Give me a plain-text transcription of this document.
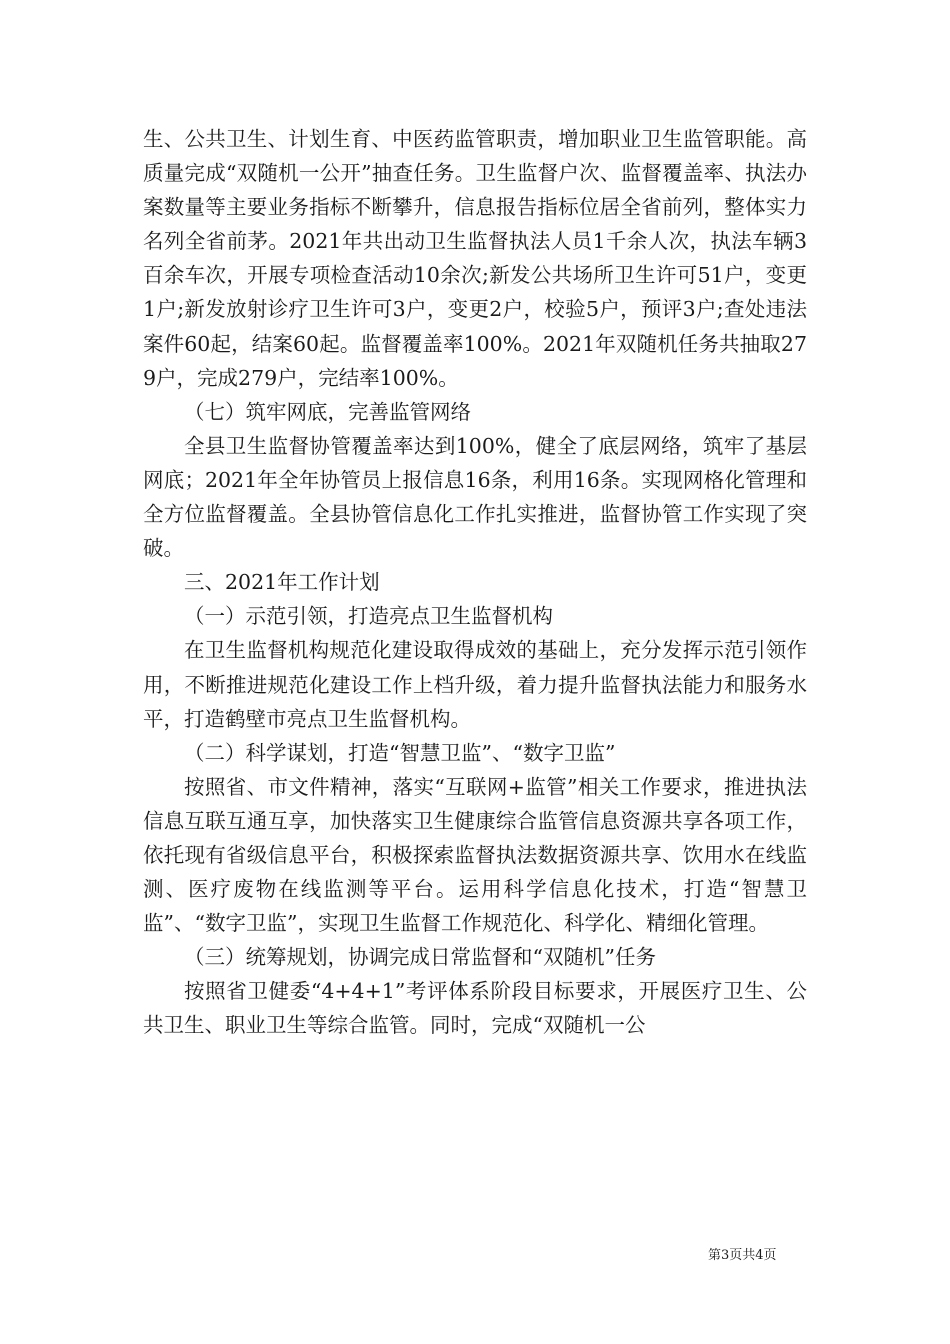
生、公共卫生、计划生育、中医药监管职责，增加职业卫生监管职能。高质量完成“双随机一公开”抽查任务。卫生监督户次、监督覆盖率、执法办案数量等主要业务指标不断攀升，信息报告指标位居全省前列，整体实力名列全省前茅。2021年共出动卫生监督执法人员1千余人次，执法车辆3百余车次，开展专项检查活动10余次;新发公共场所卫生许可51户，变更1户;新发放射诊疗卫生许可3户，变更2户，校验5户，预评3户;查处违法案件60起，结案60起。监督覆盖率100%。2021年双随机任务共抽取279户，完成279户，完结率100%。

（七）筑牢网底，完善监管网络

全县卫生监督协管覆盖率达到100%，健全了底层网络，筑牢了基层网底；2021年全年协管员上报信息16条，利用16条。实现网格化管理和全方位监督覆盖。全县协管信息化工作扎实推进，监督协管工作实现了突破。

三、2021年工作计划

（一）示范引领，打造亮点卫生监督机构

在卫生监督机构规范化建设取得成效的基础上，充分发挥示范引领作用，不断推进规范化建设工作上档升级，着力提升监督执法能力和服务水平，打造鹤壁市亮点卫生监督机构。

（二）科学谋划，打造“智慧卫监”、“数字卫监”

按照省、市文件精神，落实“互联网+监管”相关工作要求，推进执法信息互联互通互享，加快落实卫生健康综合监管信息资源共享各项工作，依托现有省级信息平台，积极探索监督执法数据资源共享、饮用水在线监测、医疗废物在线监测等平台。运用科学信息化技术，打造“智慧卫监”、“数字卫监”，实现卫生监督工作规范化、科学化、精细化管理。

（三）统筹规划，协调完成日常监督和“双随机”任务

按照省卫健委“4+4+1”考评体系阶段目标要求，开展医疗卫生、公共卫生、职业卫生等综合监管。同时，完成“双随机一公

第3页共4页
